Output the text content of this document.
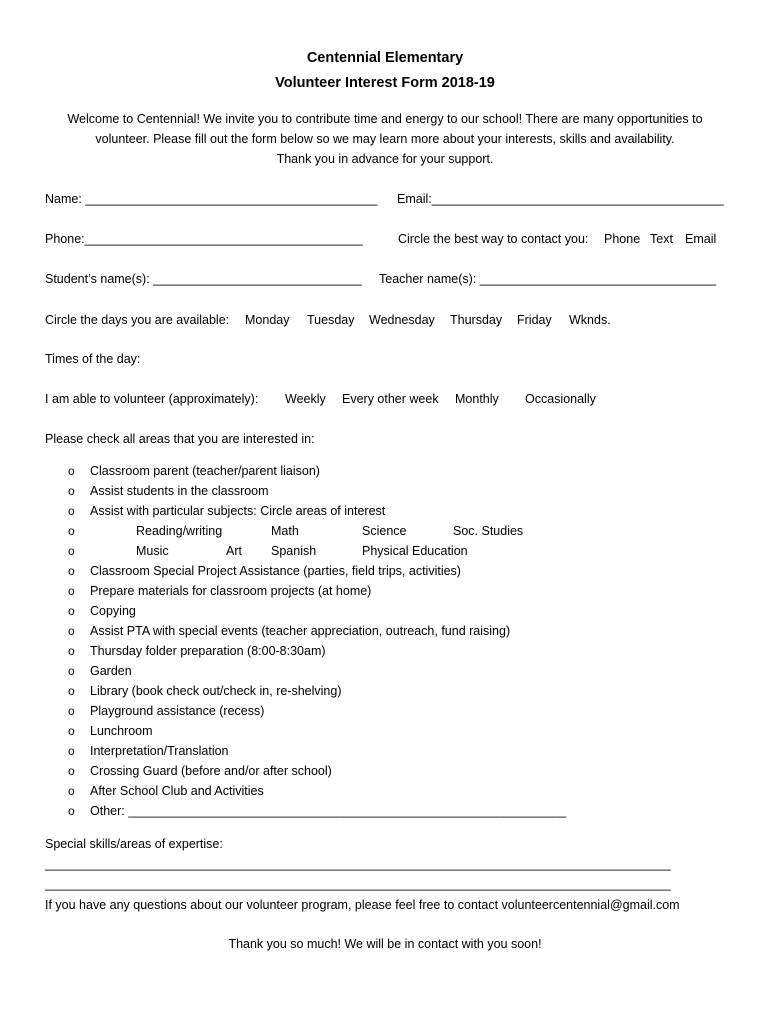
Centennial Elementary
Volunteer Interest Form 2018-19
Welcome to Centennial! We invite you to contribute time and energy to our school! There are many opportunities to
volunteer. Please fill out the form below so we may learn more about your interests, skills and availability.
Thank you in advance for your support.
Name: __________________________________________ Email:__________________________________________
Phone:________________________________________	Circle the best way to contact you: Phone Text Email
Student’s name(s): ______________________________ Teacher name(s): __________________________________
Circle the days you are available: Monday Tuesday Wednesday Thursday Friday Wknds.
Times of the day:
I am able to volunteer (approximately): Weekly Every other week Monthly Occasionally
Please check all areas that you are interested in:
o Classroom parent (teacher/parent liaison)
o Assist students in the classroom
o Assist with particular subjects: Circle areas of interest
o	Reading/writing	Math	Science	Soc. Studies
o	Music	Art Spanish	Physical Education
o Classroom Special Project Assistance (parties, field trips, activities)
o Prepare materials for classroom projects (at home)
o Copying
o Assist PTA with special events (teacher appreciation, outreach, fund raising)
o Thursday folder preparation (8:00-8:30am)
o Garden
o Library (book check out/check in, re-shelving)
o Playground assistance (recess)
o Lunchroom
o Interpretation/Translation
o Crossing Guard (before and/or after school)
o After School Club and Activities
o Other: _______________________________________________________________
Special skills/areas of expertise:
__________________________________________________________________________________________
__________________________________________________________________________________________
If you have any questions about our volunteer program, please feel free to contact volunteercentennial@gmail.com
Thank you so much! We will be in contact with you soon!
